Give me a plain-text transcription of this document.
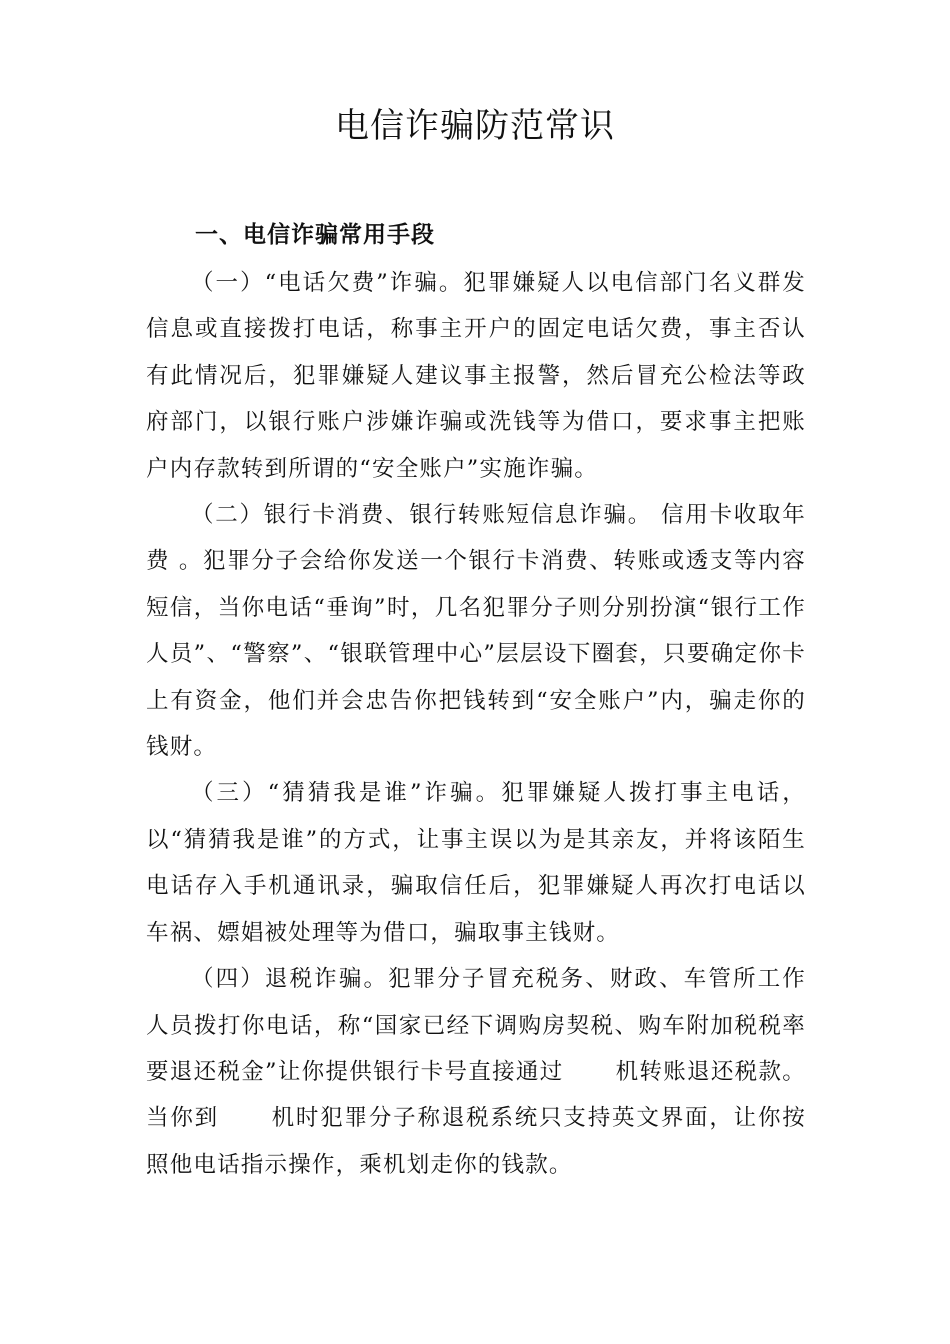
电信诈骗防范常识
一、电信诈骗常用手段

（一）“电话欠费”诈骗。犯罪嫌疑人以电信部门名义群发信息或直接拨打电话，称事主开户的固定电话欠费，事主否认有此情况后，犯罪嫌疑人建议事主报警，然后冒充公检法等政府部门，以银行账户涉嫌诈骗或洗钱等为借口，要求事主把账户内存款转到所谓的“安全账户”实施诈骗。

（二）银行卡消费、银行转账短信息诈骗。 信用卡收取年费 。犯罪分子会给你发送一个银行卡消费、转账或透支等内容短信，当你电话“垂询”时，几名犯罪分子则分别扮演“银行工作人员”、“警察”、“银联管理中心”层层设下圈套，只要确定你卡上有资金，他们并会忠告你把钱转到“安全账户”内，骗走你的钱财。

（三）“猜猜我是谁”诈骗。犯罪嫌疑人拨打事主电话，以“猜猜我是谁”的方式，让事主误以为是其亲友，并将该陌生电话存入手机通讯录，骗取信任后，犯罪嫌疑人再次打电话以车祸、嫖娼被处理等为借口，骗取事主钱财。

（四）退税诈骗。犯罪分子冒充税务、财政、车管所工作人员拨打你电话，称“国家已经下调购房契税、购车附加税税率要退还税金”让你提供银行卡号直接通过 机转账退还税款。当你到 机时犯罪分子称退税系统只支持英文界面，让你按照他电话指示操作，乘机划走你的钱款。
